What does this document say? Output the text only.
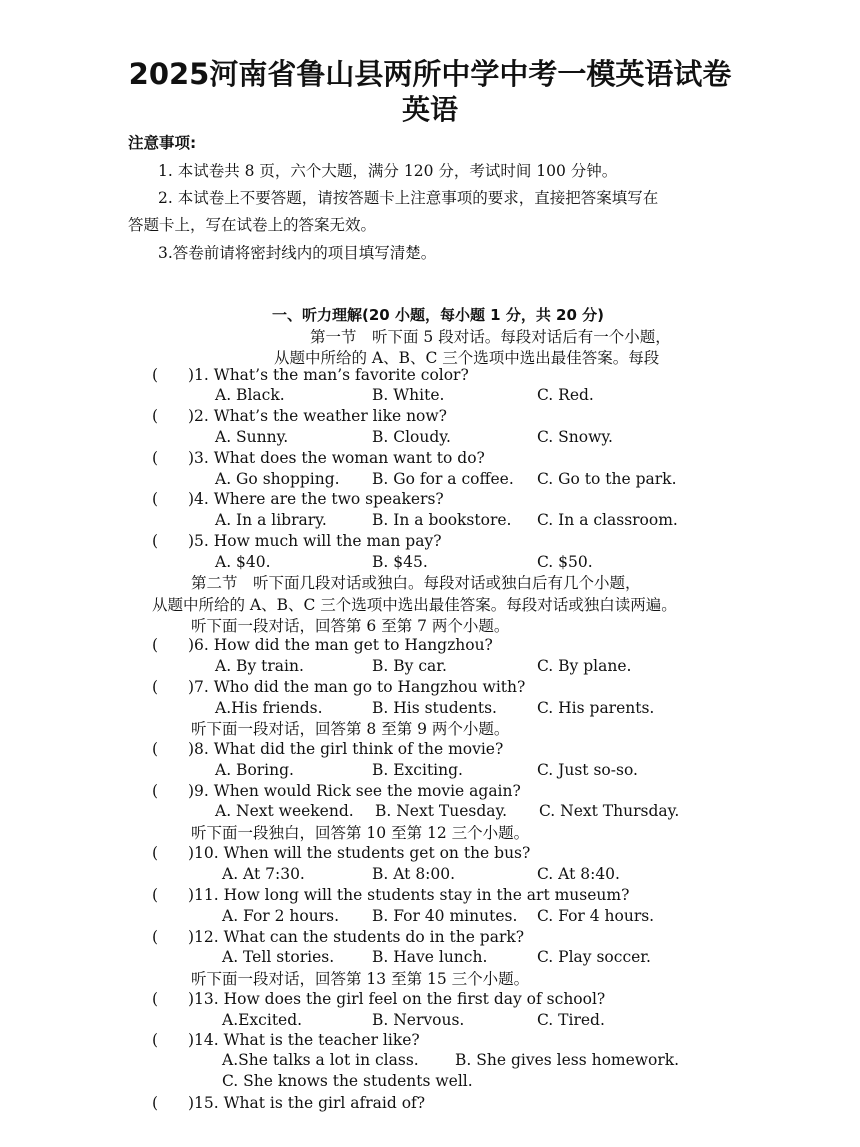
2025河南省鲁山县两所中学中考一模英语试卷
英语
注意事项:
1. 本试卷共 8 页，六个大题，满分 120 分，考试时间 100 分钟。
2. 本试卷上不要答题，请按答题卡上注意事项的要求，直接把答案填写在
答题卡上，写在试卷上的答案无效。
3.答卷前请将密封线内的项目填写清楚。
一、听力理解(20 小题，每小题 1 分，共 20 分)
第一节　听下面 5 段对话。每段对话后有一个小题，
从题中所给的 A、B、C 三个选项中选出最佳答案。每段
( )1. What’s the man’s favorite color?
A. Black.	B. White.	C. Red.
( )2. What’s the weather like now?
A. Sunny.	B. Cloudy.	C. Snowy.
( )3. What does the woman want to do?
A. Go shopping. B. Go for a coffee. C. Go to the park.
( )4. Where are the two speakers?
A. In a library.	B. In a bookstore. C. In a classroom.
( )5. How much will the man pay?
A. $40.	B. $45.	C. $50.
第二节　听下面几段对话或独白。每段对话或独白后有几个小题，
从题中所给的 A、B、C 三个选项中选出最佳答案。每段对话或独白读两遍。
听下面一段对话，回答第 6 至第 7 两个小题。
( )6. How did the man get to Hangzhou?
A. By train.	B. By car.	C. By plane.
( )7. Who did the man go to Hangzhou with?
A.His friends.	B. His students.	C. His parents.
听下面一段对话，回答第 8 至第 9 两个小题。
( )8. What did the girl think of the movie?
A. Boring.	B. Exciting.	C. Just so-so.
( )9. When would Rick see the movie again?
A. Next weekend. B. Next Tuesday. C. Next Thursday.
听下面一段独白，回答第 10 至第 12 三个小题。
( )10. When will the students get on the bus?
A. At 7:30.	B. At 8:00.	C. At 8:40.
( )11. How long will the students stay in the art museum?
A. For 2 hours. B. For 40 minutes. C. For 4 hours.
( )12. What can the students do in the park?
A. Tell stories. B. Have lunch.	C. Play soccer.
听下面一段对话，回答第 13 至第 15 三个小题。
( )13. How does the girl feel on the first day of school?
A.Excited.	B. Nervous.	C. Tired.
( )14. What is the teacher like?
A.She talks a lot in class. B. She gives less homework.
C. She knows the students well.
( )15. What is the girl afraid of?
